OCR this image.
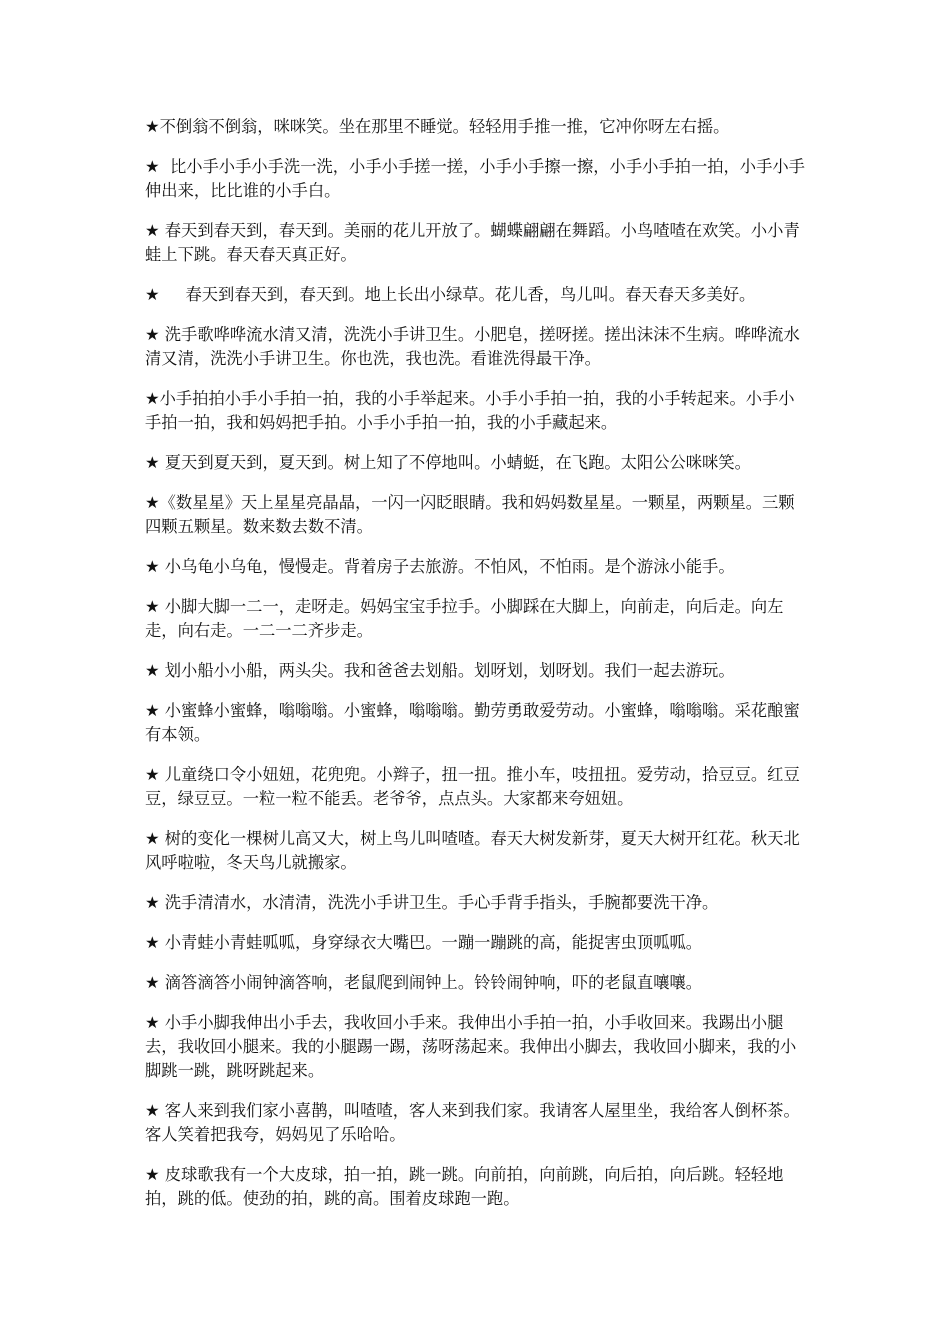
★不倒翁不倒翁，咪咪笑。坐在那里不睡觉。轻轻用手推一推，它冲你呀左右摇。

★  比小手小手小手洗一洗，小手小手搓一搓，小手小手擦一擦，小手小手拍一拍，小手小手伸出来，比比谁的小手白。

★ 春天到春天到，春天到。美丽的花儿开放了。蝴蝶翩翩在舞蹈。小鸟喳喳在欢笑。小小青蛙上下跳。春天春天真正好。

★     春天到春天到，春天到。地上长出小绿草。花儿香，鸟儿叫。春天春天多美好。

★ 洗手歌哗哗流水清又清，洗洗小手讲卫生。小肥皂，搓呀搓。搓出沫沫不生病。哗哗流水清又清，洗洗小手讲卫生。你也洗，我也洗。看谁洗得最干净。

★小手拍拍小手小手拍一拍，我的小手举起来。小手小手拍一拍，我的小手转起来。小手小手拍一拍，我和妈妈把手拍。小手小手拍一拍，我的小手藏起来。

★ 夏天到夏天到，夏天到。树上知了不停地叫。小蜻蜓，在飞跑。太阳公公咪咪笑。

★《数星星》天上星星亮晶晶，一闪一闪眨眼睛。我和妈妈数星星。一颗星，两颗星。三颗四颗五颗星。数来数去数不清。

★ 小乌龟小乌龟，慢慢走。背着房子去旅游。不怕风，不怕雨。是个游泳小能手。

★ 小脚大脚一二一，走呀走。妈妈宝宝手拉手。小脚踩在大脚上，向前走，向后走。向左走，向右走。一二一二齐步走。

★ 划小船小小船，两头尖。我和爸爸去划船。划呀划，划呀划。我们一起去游玩。

★ 小蜜蜂小蜜蜂，嗡嗡嗡。小蜜蜂，嗡嗡嗡。勤劳勇敢爱劳动。小蜜蜂，嗡嗡嗡。采花酿蜜有本领。

★ 儿童绕口令小妞妞，花兜兜。小辫子，扭一扭。推小车，吱扭扭。爱劳动，拾豆豆。红豆豆，绿豆豆。一粒一粒不能丢。老爷爷，点点头。大家都来夸妞妞。

★ 树的变化一棵树儿高又大，树上鸟儿叫喳喳。春天大树发新芽，夏天大树开红花。秋天北风呼啦啦，冬天鸟儿就搬家。

★ 洗手清清水，水清清，洗洗小手讲卫生。手心手背手指头，手腕都要洗干净。

★ 小青蛙小青蛙呱呱，身穿绿衣大嘴巴。一蹦一蹦跳的高，能捉害虫顶呱呱。

★ 滴答滴答小闹钟滴答响，老鼠爬到闹钟上。铃铃闹钟响，吓的老鼠直嚷嚷。

★ 小手小脚我伸出小手去，我收回小手来。我伸出小手拍一拍，小手收回来。我踢出小腿去，我收回小腿来。我的小腿踢一踢，荡呀荡起来。我伸出小脚去，我收回小脚来，我的小脚跳一跳，跳呀跳起来。

★ 客人来到我们家小喜鹊，叫喳喳，客人来到我们家。我请客人屋里坐，我给客人倒杯茶。客人笑着把我夸，妈妈见了乐哈哈。

★ 皮球歌我有一个大皮球，拍一拍，跳一跳。向前拍，向前跳，向后拍，向后跳。轻轻地拍，跳的低。使劲的拍，跳的高。围着皮球跑一跑。
